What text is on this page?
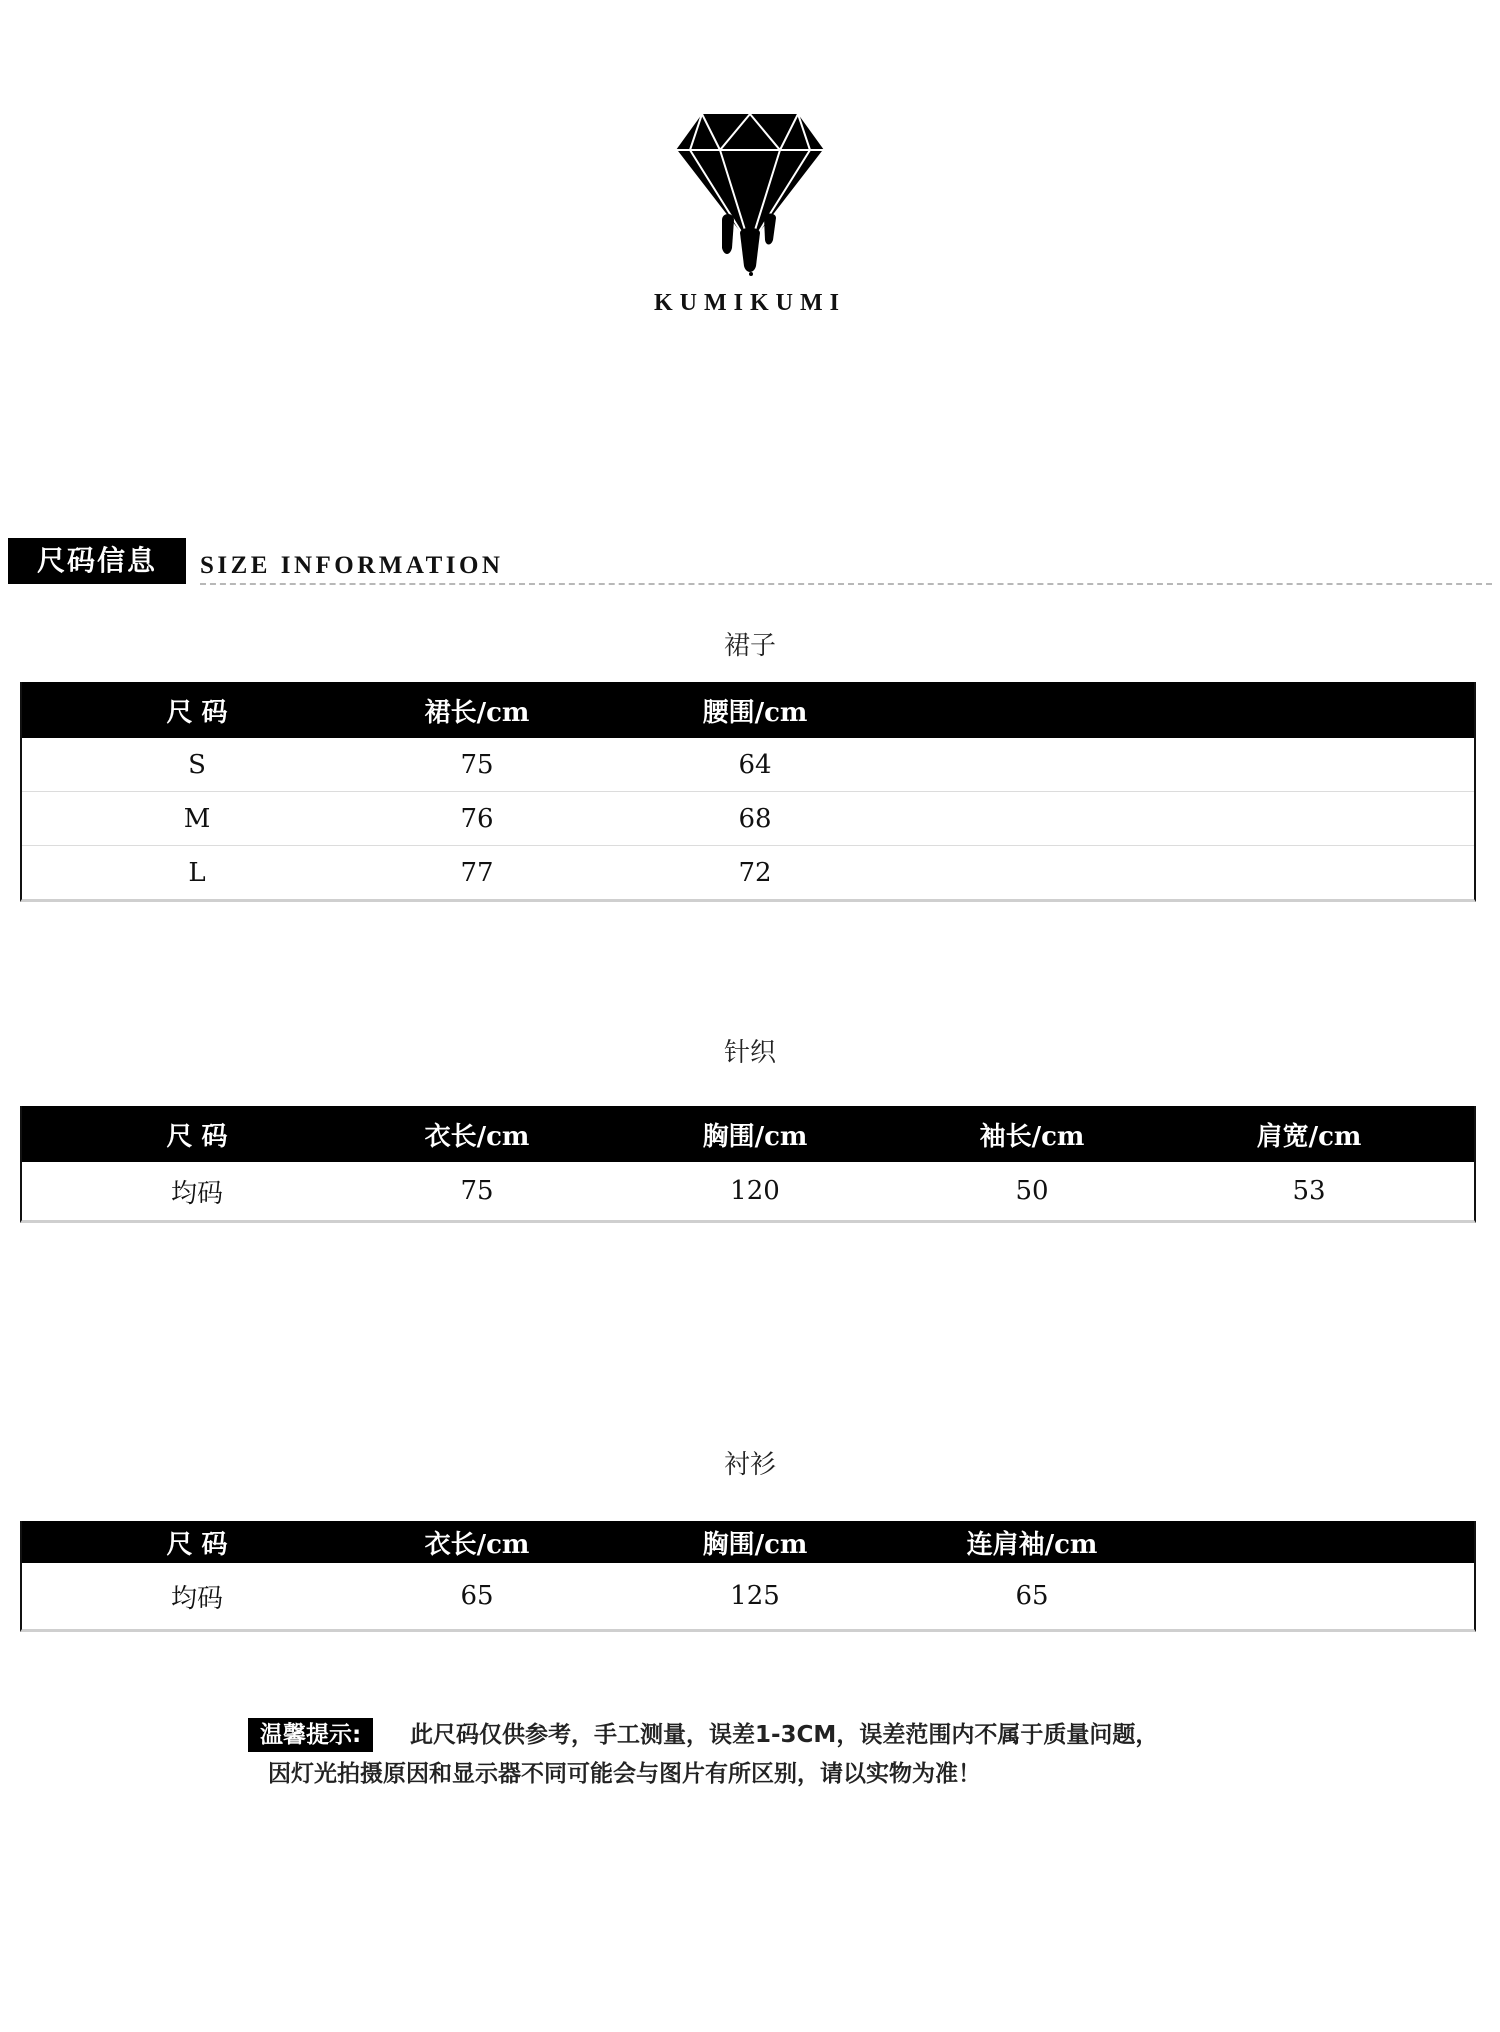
KUMIKUMI
尺码信息	SIZE INFORMATION
裙子
尺 码	裙长/cm	腰围/cm
S	75	64
M	76	68
L	77	72
针织
尺 码	衣长/cm	胸围/cm	袖长/cm	肩宽/cm
均码	75	120	50	53
衬衫
尺 码	衣长/cm	胸围/cm	连肩袖/cm
均码	65	125	65
温馨提示:	此尺码仅供参考，手工测量，误差1-3CM，误差范围内不属于质量问题，
因灯光拍摄原因和显示器不同可能会与图片有所区别，请以实物为准！
